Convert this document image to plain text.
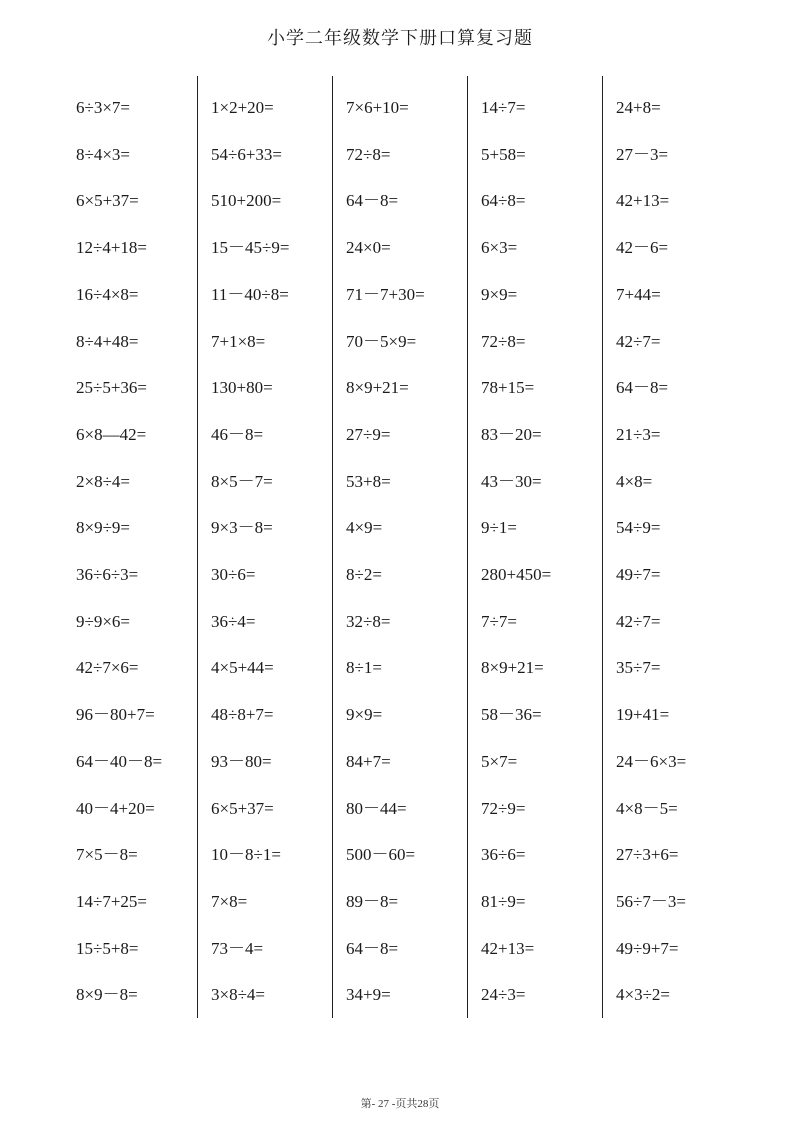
小学二年级数学下册口算复习题
6÷3×7=
8÷4×3=
6×5+37=
12÷4+18=
16÷4×8=
8÷4+48=
25÷5+36=
6×8—42=
2×8÷4=
8×9÷9=
36÷6÷3=
9÷9×6=
42÷7×6=
96－80+7=
64－40－8=
40－4+20=
7×5－8=
14÷7+25=
15÷5+8=
8×9－8=
1×2+20=
54÷6+33=
510+200=
15－45÷9=
11－40÷8=
7+1×8=
130+80=
46－8=
8×5－7=
9×3－8=
30÷6=
36÷4=
4×5+44=
48÷8+7=
93－80=
6×5+37=
10－8÷1=
7×8=
73－4=
3×8÷4=
7×6+10=
72÷8=
64－8=
24×0=
71－7+30=
70－5×9=
8×9+21=
27÷9=
53+8=
4×9=
8÷2=
32÷8=
8÷1=
9×9=
84+7=
80－44=
500－60=
89－8=
64－8=
34+9=
14÷7=
5+58=
64÷8=
6×3=
9×9=
72÷8=
78+15=
83－20=
43－30=
9÷1=
280+450=
7÷7=
8×9+21=
58－36=
5×7=
72÷9=
36÷6=
81÷9=
42+13=
24÷3=
24+8=
27－3=
42+13=
42－6=
7+44=
42÷7=
64－8=
21÷3=
4×8=
54÷9=
49÷7=
42÷7=
35÷7=
19+41=
24－6×3=
4×8－5=
27÷3+6=
56÷7－3=
49÷9+7=
4×3÷2=
第- 27 -页共28页
